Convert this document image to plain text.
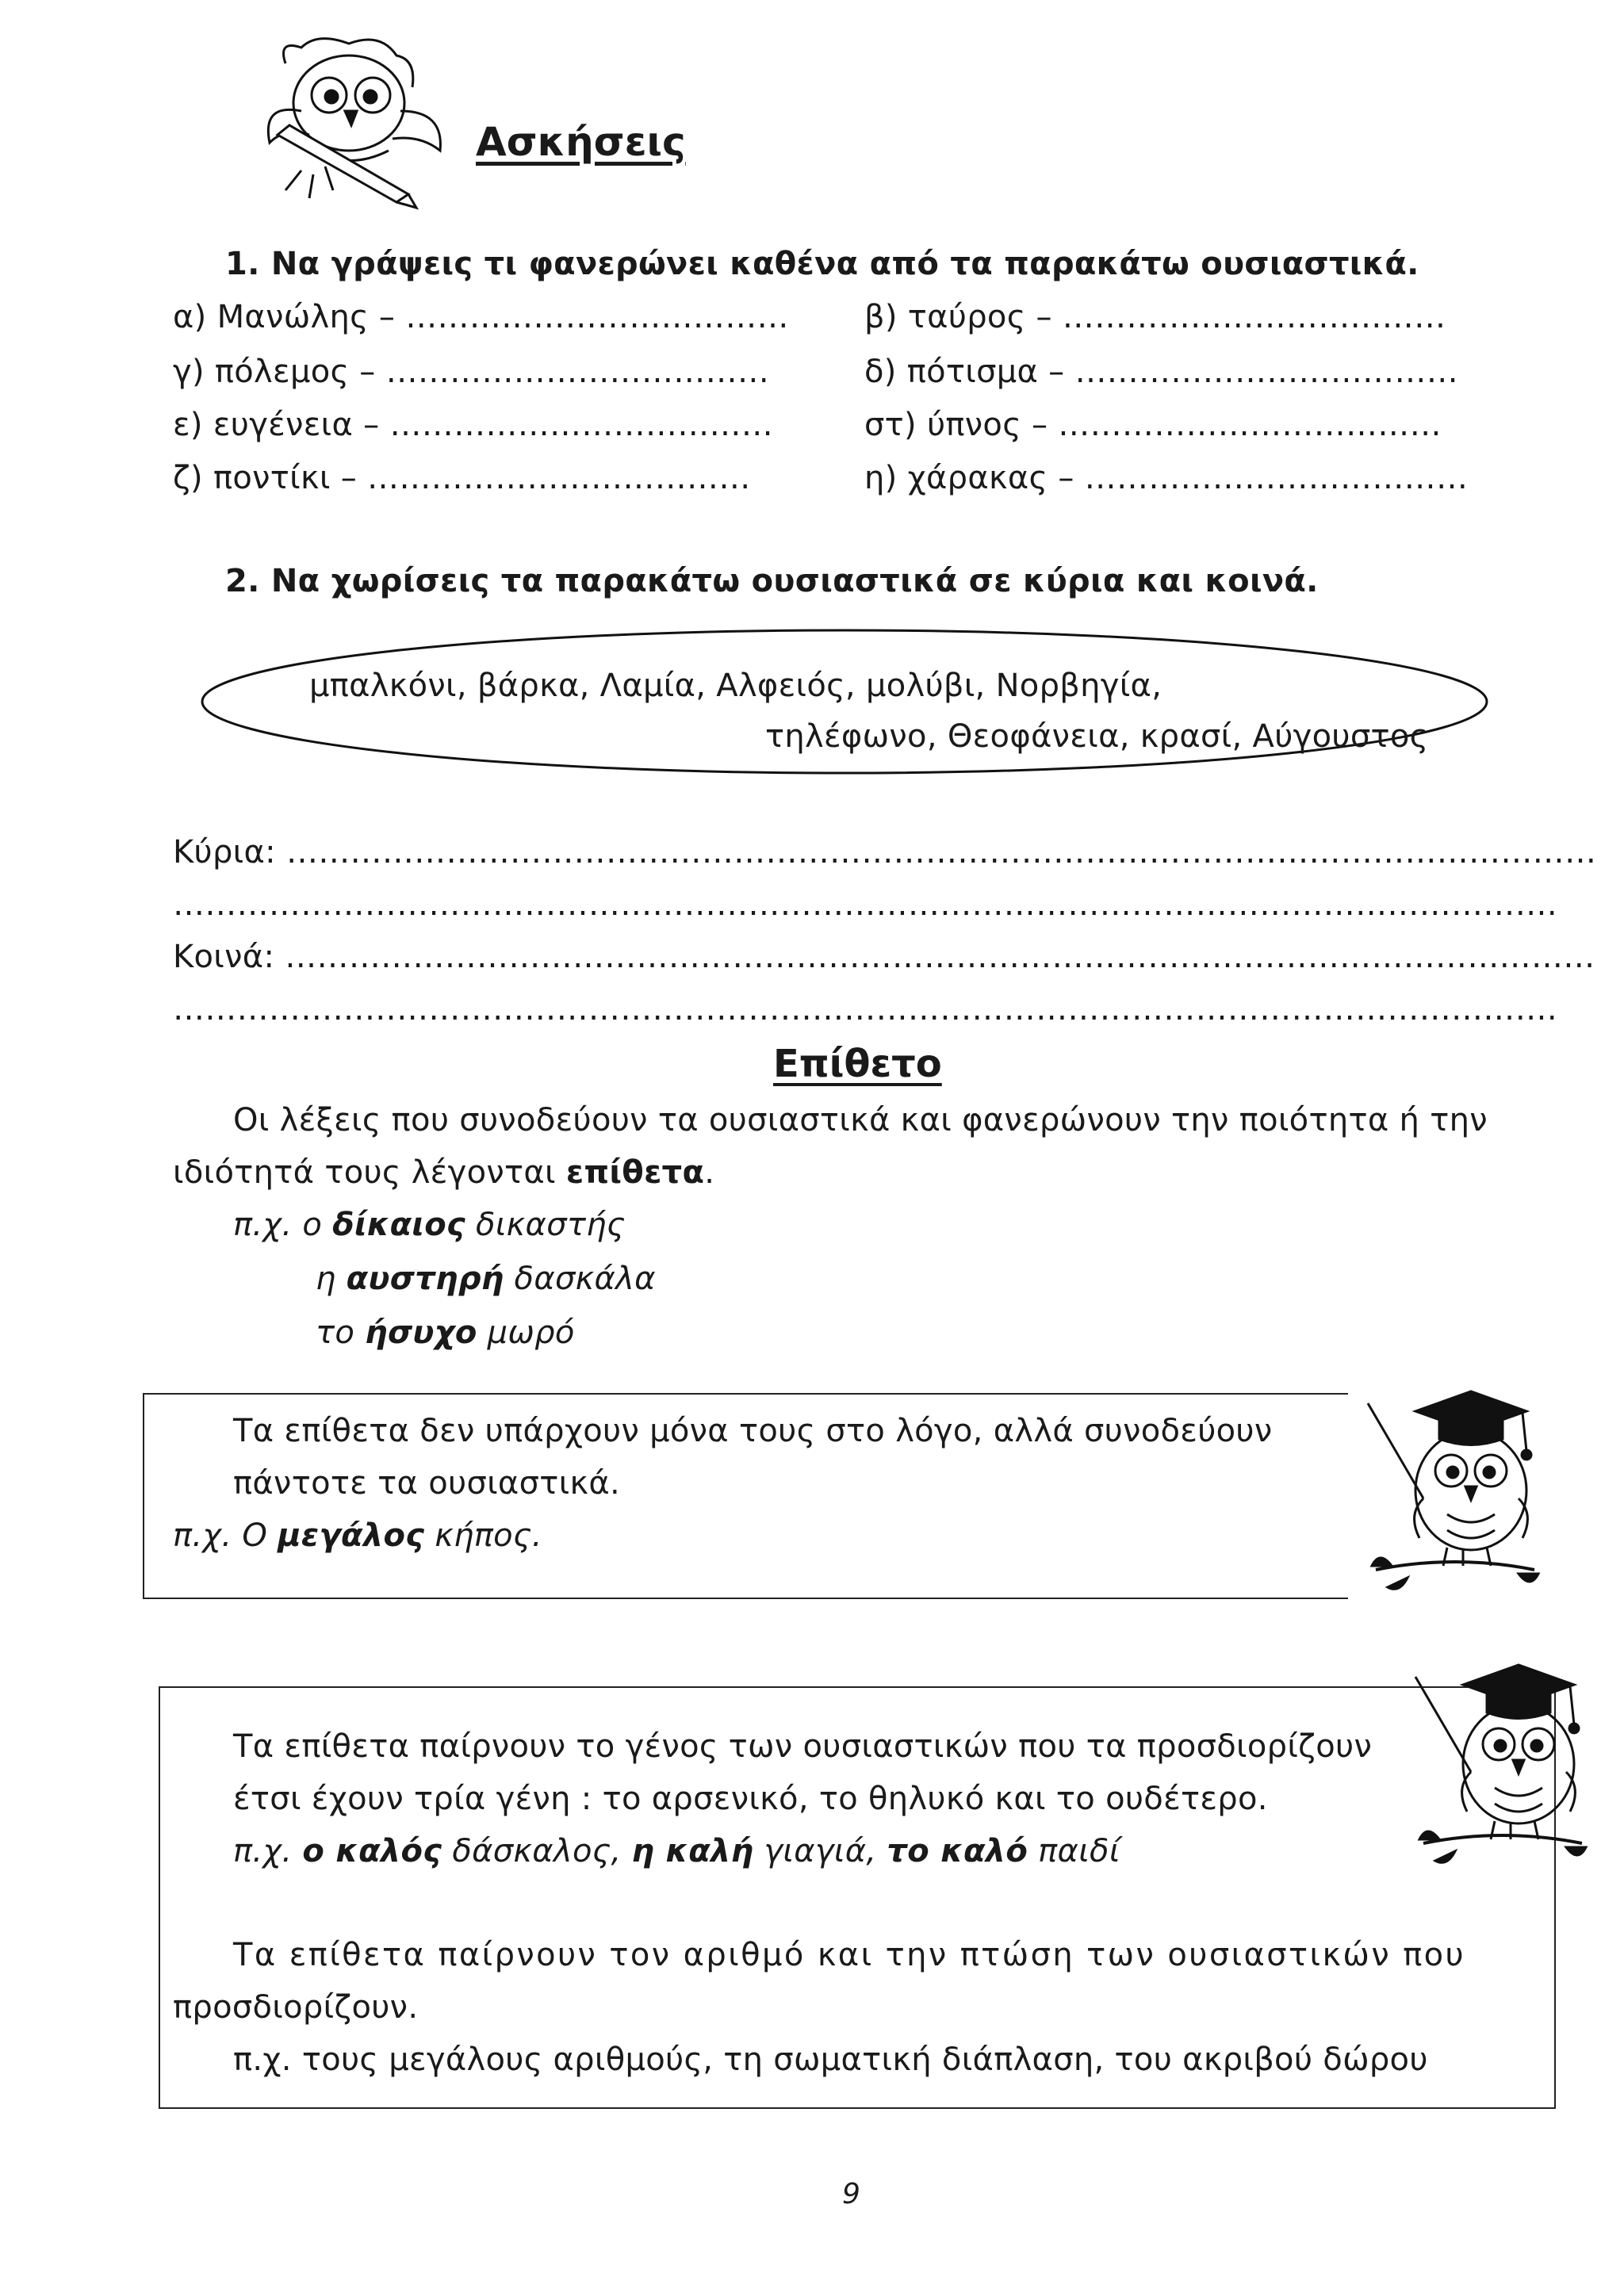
Ασκήσεις
1. Να γράψεις τι φανερώνει καθένα από τα παρακάτω ουσιαστικά.
α) Μανώλης – ……………………………… β) ταύρος – ………………………………
γ) πόλεμος – ………………………………	δ) πότισμα – ………………………………
ε) ευγένεια – ………………………………	στ) ύπνος – ………………………………
ζ) ποντίκι – ………………………………	η) χάρακας – ………………………………
2. Να χωρίσεις τα παρακάτω ουσιαστικά σε κύρια και κοινά.
μπαλκόνι, βάρκα, Λαμία, Αλφειός, μολύβι, Νορβηγία,
τηλέφωνο, Θεοφάνεια, κρασί, Αύγουστος
Κύρια: ……………………………………………………………………………………………………………
………………………………………………………………………………………………………………….
Κοινά: ……………………………………………………………………………………………………………
………………………………………………………………………………………………………………….
Επίθετο
Οι λέξεις που συνοδεύουν τα ουσιαστικά και φανερώνουν την ποιότητα ή την
ιδιότητά τους λέγονται επίθετα.
π.χ. ο δίκαιος δικαστής
η αυστηρή δασκάλα
το ήσυχο μωρό
Τα επίθετα δεν υπάρχουν μόνα τους στο λόγο, αλλά συνοδεύουν
πάντοτε τα ουσιαστικά.
π.χ. Ο μεγάλος κήπος.
Τα επίθετα παίρνουν το γένος των ουσιαστικών που τα προσδιορίζουν
έτσι έχουν τρία γένη : το αρσενικό, το θηλυκό και το ουδέτερο.
π.χ. ο καλός δάσκαλος, η καλή γιαγιά, το καλό παιδί
Τα επίθετα παίρνουν τον αριθμό και την πτώση των ουσιαστικών που
προσδιορίζουν.
π.χ. τους μεγάλους αριθμούς, τη σωματική διάπλαση, του ακριβού δώρου
9
